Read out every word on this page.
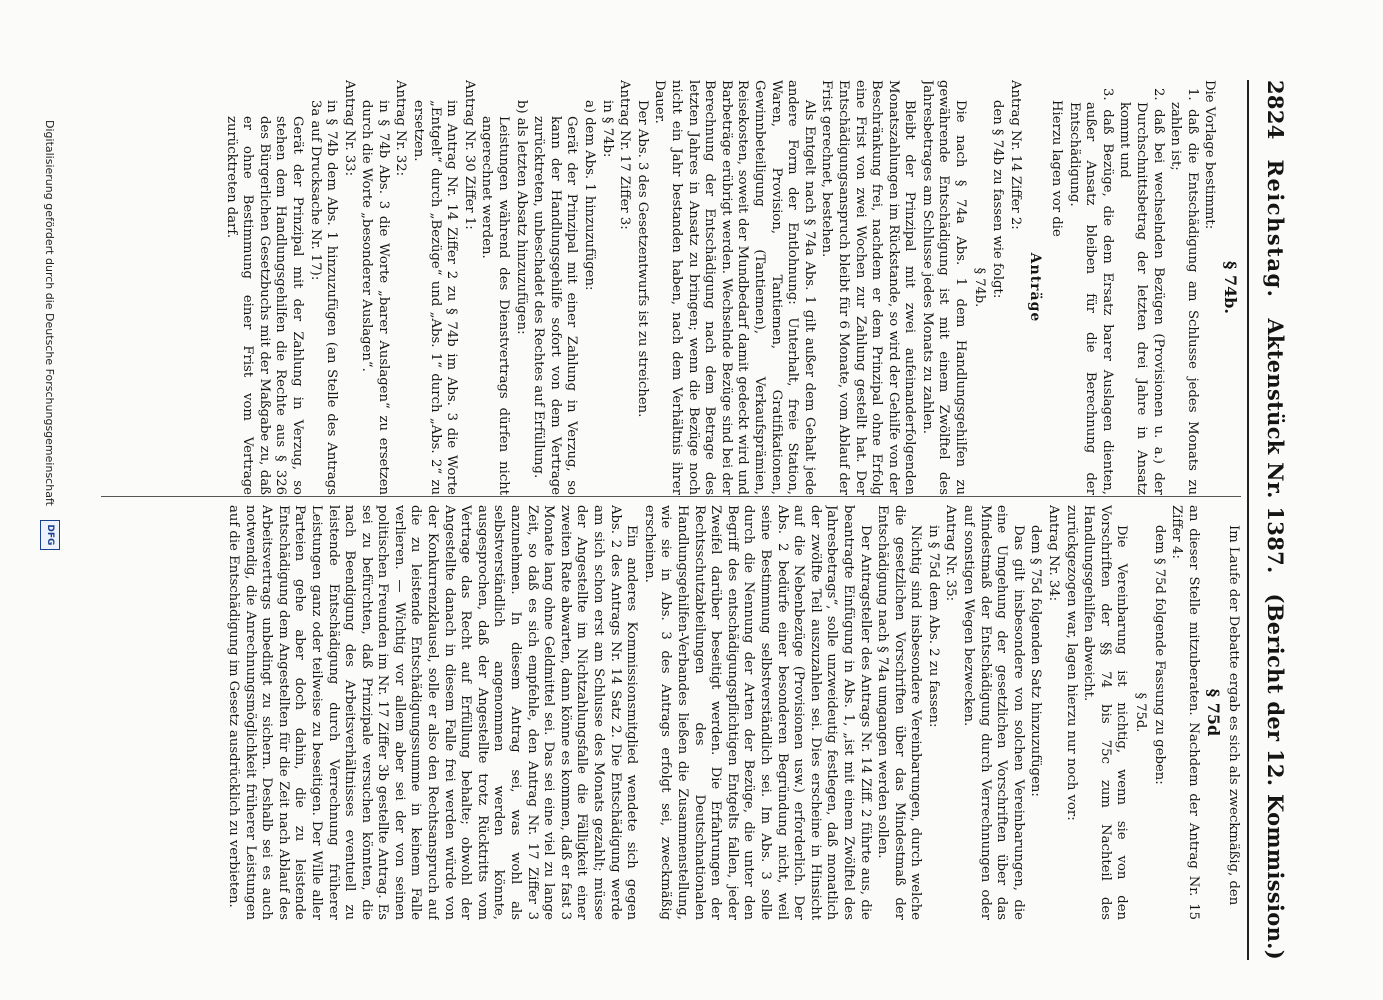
2824
Reichstag.
Aktenstück Nr. 1387.
(Bericht der 12. Kommission.)

§ 74b.

Die Vorlage bestimmt:

1. daß die Entschädigung am Schlusse jedes Monats zu zahlen ist;

2. daß bei wechselnden Bezügen (Provisionen u. a.) der Durchschnittsbetrag der letzten drei Jahre in Ansatz kommt und

3. daß Bezüge, die dem Ersatz barer Auslagen dienten, außer Ansatz bleiben für die Berechnung der Entschädigung.

Hierzu lagen vor die

Anträge

Antrag Nr. 14 Ziffer 2:

den § 74b zu fassen wie folgt:

§ 74b.

Die nach § 74a Abs. 1 dem Handlungsgehilfen zu gewährende Entschädigung ist mit einem Zwölftel des Jahresbetrages am Schlusse jedes Monats zu zahlen.

Bleibt der Prinzipal mit zwei aufeinanderfolgenden Monatszahlungen im Rückstande, so wird der Gehilfe von der Beschränkung frei, nachdem er dem Prinzipal ohne Erfolg eine Frist von zwei Wochen zur Zahlung gestellt hat. Der Entschädigungsanspruch bleibt für 6 Monate, vom Ablauf der Frist gerechnet, bestehen.

Als Entgelt nach § 74a Abs. 1 gilt außer dem Gehalt jede andere Form der Entlohnung: Unterhalt, freie Station, Waren, Provision, Tantiemen, Gratifikationen, Gewinnbeteiligung (Tantiemen), Verkaufsprämien, Reisekosten, soweit der Mundbedarf damit gedeckt wird und Barbeträge erübrigt werden. Wechselnde Bezüge sind bei der Berechnung der Entschädigung nach dem Betrage des letzten Jahres in Ansatz zu bringen; wenn die Bezüge noch nicht ein Jahr bestanden haben, nach dem Verhältnis ihrer Dauer.

Der Abs. 3 des Gesetzentwurfs ist zu streichen.

Antrag Nr. 17 Ziffer 3:

in § 74b:

a) dem Abs. 1 hinzuzufügen:

Gerät der Prinzipal mit einer Zahlung in Verzug, so kann der Handlungsgehilfe sofort von dem Vertrage zurücktreten, unbeschadet des Rechtes auf Erfüllung.

b) als letzten Absatz hinzuzufügen:

Leistungen während des Dienstvertrags dürfen nicht angerechnet werden.

Antrag Nr. 30 Ziffer 1:

im Antrag Nr. 14 Ziffer 2 zu § 74b im Abs. 3 die Worte „Entgelt“ durch „Bezüge“ und „Abs. 1“ durch „Abs. 2“ zu ersetzen.

Antrag Nr. 32:

in § 74b Abs. 3 die Worte „barer Auslagen“ zu ersetzen durch die Worte „besonderer Auslagen“.

Antrag Nr. 33:

in § 74b dem Abs. 1 hinzuzufügen (an Stelle des Antrags 3a auf Drucksache Nr. 17):

Gerät der Prinzipal mit der Zahlung in Verzug, so stehen dem Handlungsgehilfen die Rechte aus § 326 des Bürgerlichen Gesetzbuchs mit der Maßgabe zu, daß er ohne Bestimmung einer Frist vom Vertrage zurücktreten darf.

Im Laufe der Debatte ergab es sich als zweckmäßig, den

§ 75d

an dieser Stelle mitzuberaten. Nachdem der Antrag Nr. 15 Ziffer 4:

dem § 75d folgende Fassung zu geben:

§ 75d.

Die Vereinbarung ist nichtig, wenn sie von den Vorschriften der §§ 74 bis 75c zum Nachteil des Handlungsgehilfen abweicht.

zurückgezogen war, lagen hierzu nur noch vor:

Antrag Nr. 34:

dem § 75d folgenden Satz hinzuzufügen:

Das gilt insbesondere von solchen Vereinbarungen, die eine Umgehung der gesetzlichen Vorschriften über das Mindestmaß der Entschädigung durch Verrechnungen oder auf sonstigen Wegen bezwecken.

Antrag Nr. 35:

in § 75d dem Abs. 2 zu fassen:

Nichtig sind insbesondere Vereinbarungen, durch welche die gesetzlichen Vorschriften über das Mindestmaß der Entschädigung nach § 74a umgangen werden sollen.

Der Antragsteller des Antrags Nr. 14 Ziff. 2 führte aus, die beantragte Einfügung in Abs. 1, „ist mit einem Zwölftel des Jahresbetrags“, solle unzweideutig festlegen, daß monatlich der zwölfte Teil auszuzahlen sei. Dies erscheine in Hinsicht auf die Nebenbezüge (Provisionen usw.) erforderlich. Der Abs. 2 bedürfe einer besonderen Begründung nicht, weil seine Bestimmung selbstverständlich sei. Im Abs. 3 solle durch die Nennung der Arten der Bezüge, die unter den Begriff des entschädigungspflichtigen Entgelts fallen, jeder Zweifel darüber beseitigt werden. Die Erfahrungen der Rechtsschutzabteilungen des Deutschnationalen Handlungsgehilfen-Verbandes ließen die Zusammenstellung, wie sie in Abs. 3 des Antrags erfolgt sei, zweckmäßig erscheinen.

Ein anderes Kommissionsmitglied wendete sich gegen Abs. 2 des Antrags Nr. 14 Satz 2. Die Entschädigung werde am sich schon erst am Schlusse des Monats gezahlt; müsse der Angestellte im Nichtzahlungsfalle die Fälligkeit einer zweiten Rate abwarten, dann könne es kommen, daß er fast 3 Monate lang ohne Geldmittel sei. Das sei eine viel zu lange Zeit, so daß es sich empfehle, den Antrag Nr. 17 Ziffer 3 anzunehmen. In diesem Antrag sei, was wohl als selbstverständlich angenommen werden könnte, ausgesprochen, daß der Angestellte trotz Rücktritts vom Vertrage das Recht auf Erfüllung behalte; obwohl der Angestellte danach in diesem Falle frei werden würde von der Konkurrenzklausel, solle er also den Rechtsanspruch auf die zu leistende Entschädigungssumme in keinem Falle verlieren. — Wichtig vor allem aber sei der von seinen politischen Freunden im Nr. 17 Ziffer 3b gestellte Antrag. Es sei zu befürchten, daß Prinzipale versuchen könnten, die nach Beendigung des Arbeitsverhältnisses eventuell zu leistende Entschädigung durch Verrechnung früherer Leistungen ganz oder teilweise zu beseitigen. Der Wille aller Parteien gehe aber doch dahin, die zu leistende Entschädigung dem Angestellten für die Zeit nach Ablauf des Arbeitsvertrags unbedingt zu sichern. Deshalb sei es auch notwendig, die Anrechnungsmöglichkeit früherer Leistungen auf die Entschädigung im Gesetz ausdrücklich zu verbieten.

Digitalisierung gefördert durch die Deutsche Forschungsgemeinschaft
DFG
